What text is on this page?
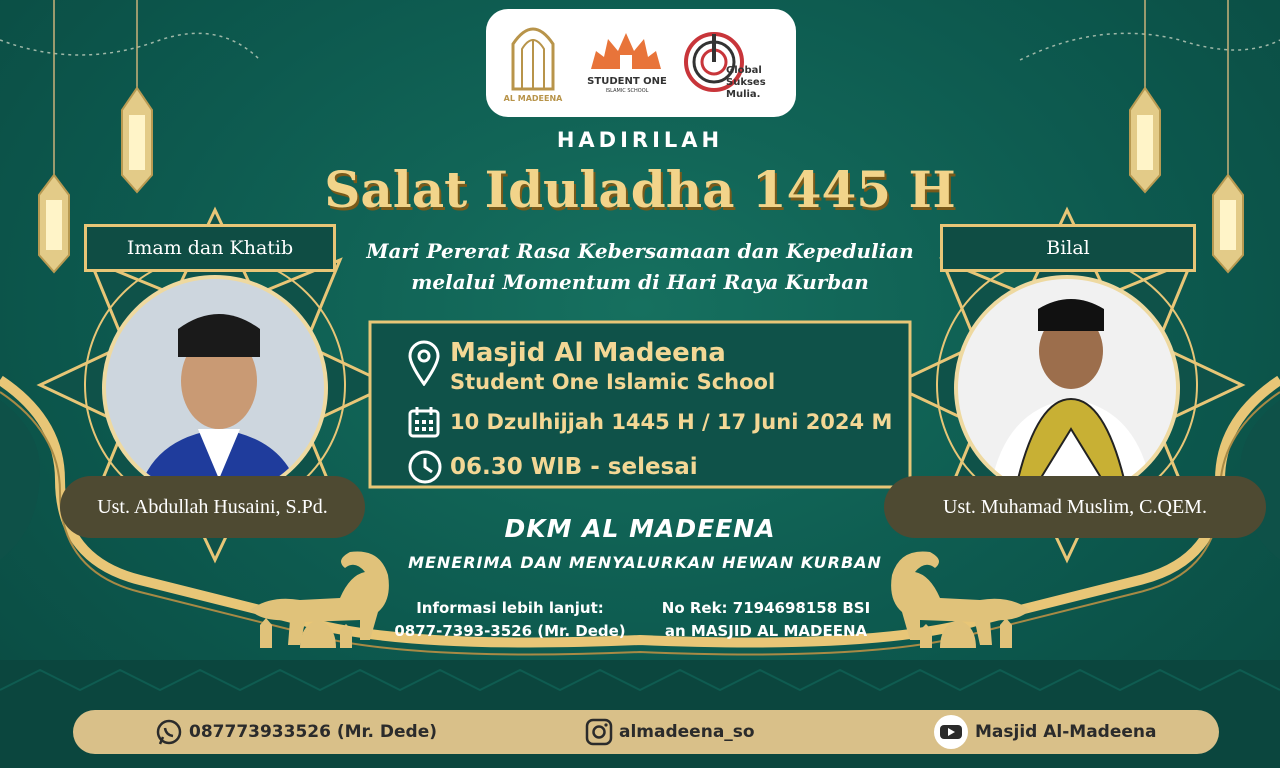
AL MADEENA
STUDENT ONE
ISLAMIC SCHOOL
Global
Sukses
Mulia.
HADIRILAH
Salat Iduladha 1445 H
Mari Pererat Rasa Kebersamaan dan Kepedulian
melalui Momentum di Hari Raya Kurban
Imam dan Khatib
Ust. Abdullah Husaini, S.Pd.
Bilal
Ust. Muhamad Muslim, C.QEM.
Masjid Al Madeena
Student One Islamic School
10 Dzulhijjah 1445 H / 17 Juni 2024 M
06.30 WIB - selesai
DKM AL MADEENA
MENERIMA DAN MENYALURKAN HEWAN KURBAN
Informasi lebih lanjut:
0877-7393-3526 (Mr. Dede)
No Rek: 7194698158 BSI
an MASJID AL MADEENA
087773933526 (Mr. Dede)	almadeena_so	Masjid Al-Madeena
